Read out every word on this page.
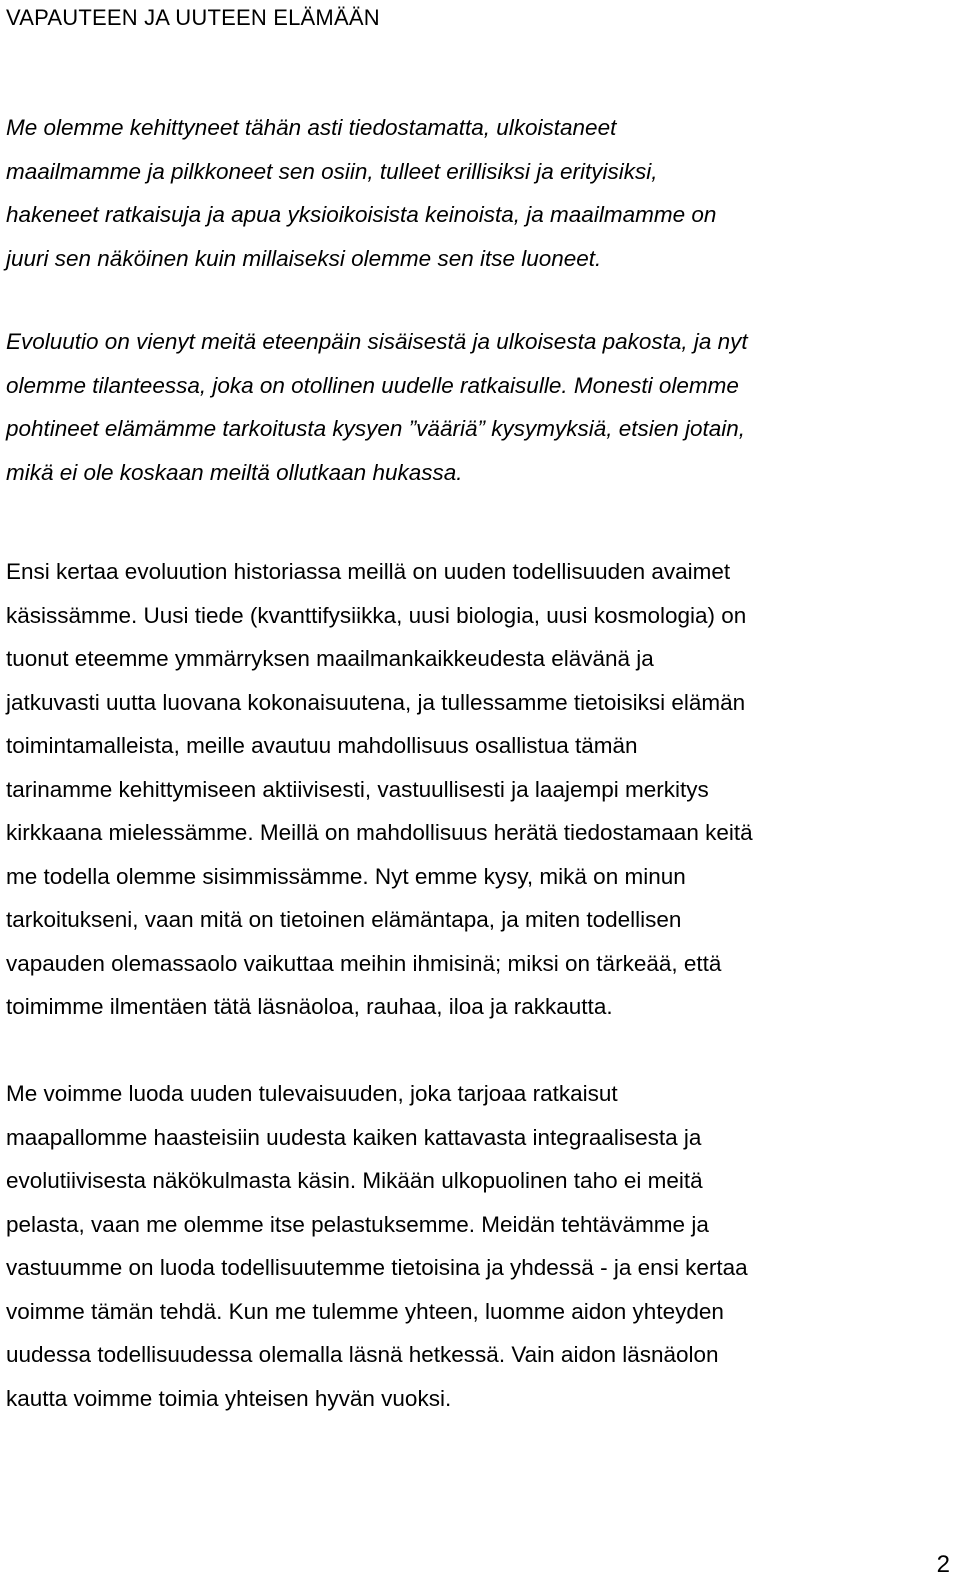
VAPAUTEEN JA UUTEEN ELÄMÄÄN

Me olemme kehittyneet tähän asti tiedostamatta, ulkoistaneet
maailmamme ja pilkkoneet sen osiin, tulleet erillisiksi ja erityisiksi,
hakeneet ratkaisuja ja apua yksioikoisista keinoista, ja maailmamme on
juuri sen näköinen kuin millaiseksi olemme sen itse luoneet.

Evoluutio on vienyt meitä eteenpäin sisäisestä ja ulkoisesta pakosta, ja nyt
olemme tilanteessa, joka on otollinen uudelle ratkaisulle. Monesti olemme
pohtineet elämämme tarkoitusta kysyen ”vääriä” kysymyksiä, etsien jotain,
mikä ei ole koskaan meiltä ollutkaan hukassa.

Ensi kertaa evoluution historiassa meillä on uuden todellisuuden avaimet
käsissämme. Uusi tiede (kvanttifysiikka, uusi biologia, uusi kosmologia) on
tuonut eteemme ymmärryksen maailmankaikkeudesta elävänä ja
jatkuvasti uutta luovana kokonaisuutena, ja tullessamme tietoisiksi elämän
toimintamalleista, meille avautuu mahdollisuus osallistua tämän
tarinamme kehittymiseen aktiivisesti, vastuullisesti ja laajempi merkitys
kirkkaana mielessämme. Meillä on mahdollisuus herätä tiedostamaan keitä
me todella olemme sisimmissämme. Nyt emme kysy, mikä on minun
tarkoitukseni, vaan mitä on tietoinen elämäntapa, ja miten todellisen
vapauden olemassaolo vaikuttaa meihin ihmisinä; miksi on tärkeää, että
toimimme ilmentäen tätä läsnäoloa, rauhaa, iloa ja rakkautta.

Me voimme luoda uuden tulevaisuuden, joka tarjoaa ratkaisut
maapallomme haasteisiin uudesta kaiken kattavasta integraalisesta ja
evolutiivisesta näkökulmasta käsin. Mikään ulkopuolinen taho ei meitä
pelasta, vaan me olemme itse pelastuksemme. Meidän tehtävämme ja
vastuumme on luoda todellisuutemme tietoisina ja yhdessä - ja ensi kertaa
voimme tämän tehdä. Kun me tulemme yhteen, luomme aidon yhteyden
uudessa todellisuudessa olemalla läsnä hetkessä. Vain aidon läsnäolon
kautta voimme toimia yhteisen hyvän vuoksi.

2
